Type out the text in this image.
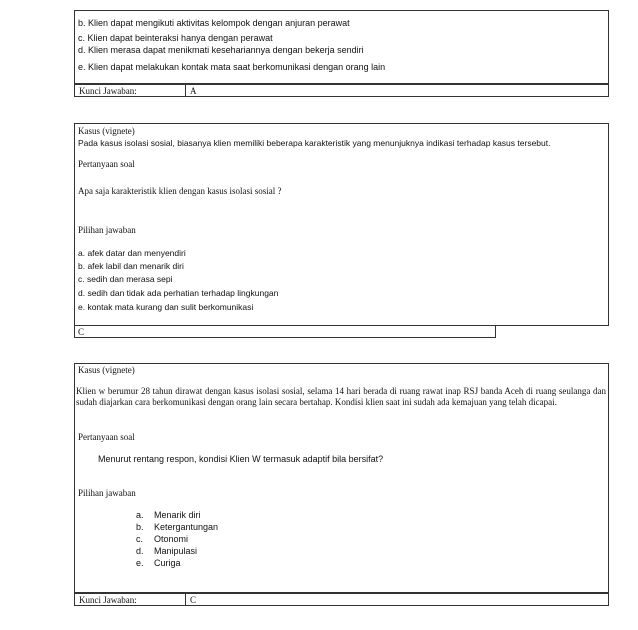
b. Klien dapat mengikuti aktivitas kelompok dengan anjuran perawat
c. Klien dapat beinteraksi hanya dengan perawat
d. Klien merasa dapat menikmati kesehariannya dengan bekerja sendiri
e. Klien dapat melakukan kontak mata saat berkomunikasi dengan orang lain
Kunci Jawaban:	A
Kasus (vignete)
Pada kasus isolasi sosial, biasanya klien memiliki beberapa karakteristik yang menunjuknya indikasi terhadap kasus tersebut.
Pertanyaan soal
Apa saja karakteristik klien dengan kasus isolasi sosial ?
Pilihan jawaban
a. afek datar dan menyendiri
b. afek labil dan menarik diri
c. sedih dan merasa sepi
d. sedih dan tidak ada perhatian terhadap lingkungan
e. kontak mata kurang dan sulit berkomunikasi
C
Kasus (vignete)
Klien w berumur 28 tahun dirawat dengan kasus isolasi sosial, selama 14 hari berada di ruang rawat inap RSJ banda Aceh di ruang seulanga dan sudah diajarkan cara berkomunikasi dengan orang lain secara bertahap. Kondisi klien saat ini sudah ada kemajuan yang telah dicapai.
Pertanyaan soal
Menurut rentang respon, kondisi Klien W termasuk adaptif bila bersifat?
Pilihan jawaban
a. Menarik diri
b. Ketergantungan
c. Otonomi
d. Manipulasi
e. Curiga
Kunci Jawaban:	C
